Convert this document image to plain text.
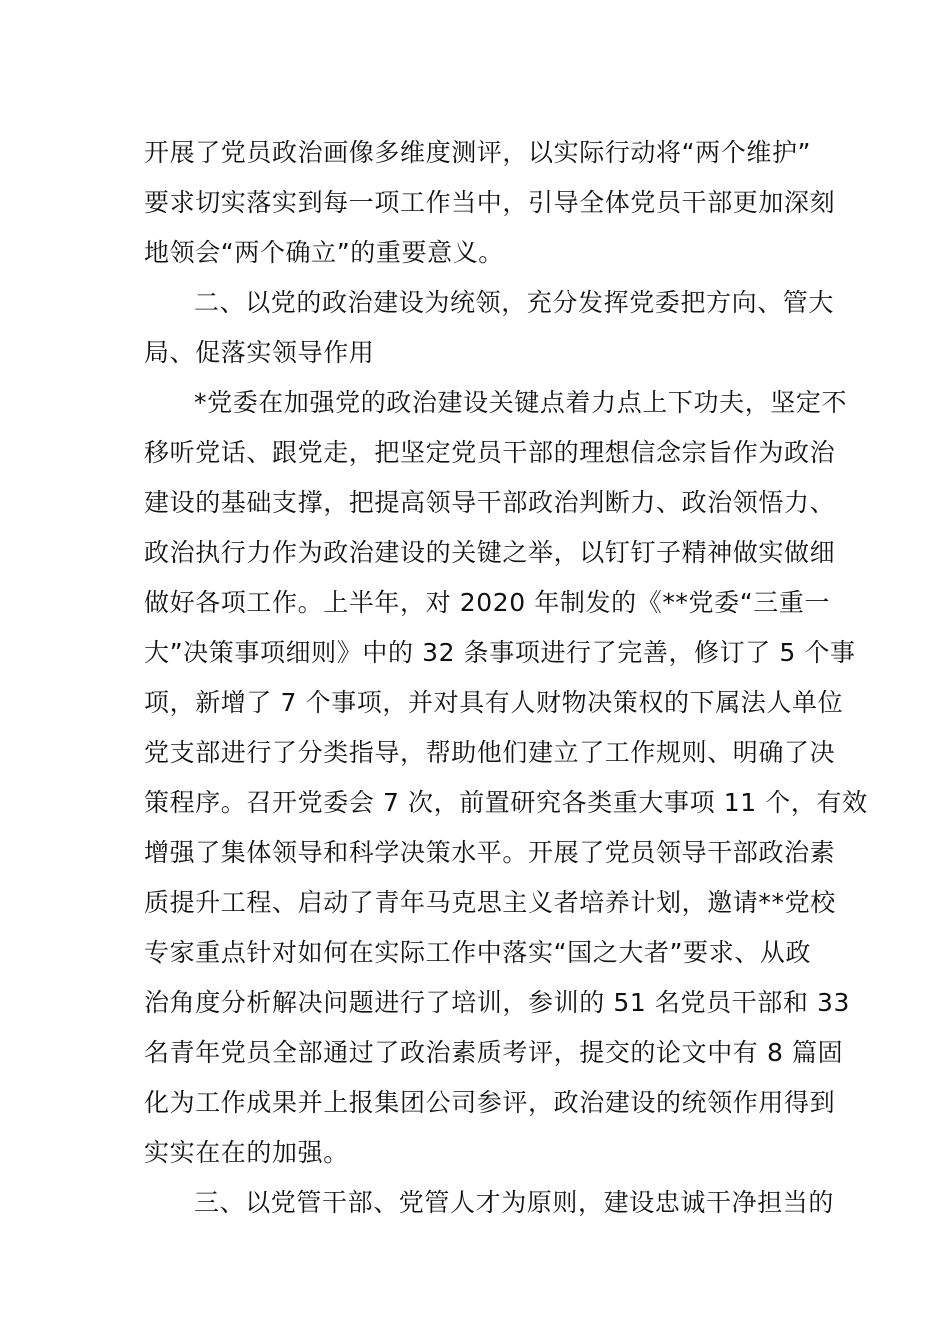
开展了党员政治画像多维度测评，以实际行动将“两个维护”
要求切实落实到每一项工作当中，引导全体党员干部更加深刻
地领会“两个确立”的重要意义。
二、以党的政治建设为统领，充分发挥党委把方向、管大
局、促落实领导作用
*党委在加强党的政治建设关键点着力点上下功夫，坚定不
移听党话、跟党走，把坚定党员干部的理想信念宗旨作为政治
建设的基础支撑，把提高领导干部政治判断力、政治领悟力、
政治执行力作为政治建设的关键之举，以钉钉子精神做实做细
做好各项工作。上半年，对 2020 年制发的《**党委“三重一
大”决策事项细则》中的 32 条事项进行了完善，修订了 5 个事
项，新增了 7 个事项，并对具有人财物决策权的下属法人单位
党支部进行了分类指导，帮助他们建立了工作规则、明确了决
策程序。召开党委会 7 次，前置研究各类重大事项 11 个，有效
增强了集体领导和科学决策水平。开展了党员领导干部政治素
质提升工程、启动了青年马克思主义者培养计划，邀请**党校
专家重点针对如何在实际工作中落实“国之大者”要求、从政
治角度分析解决问题进行了培训，参训的 51 名党员干部和 33
名青年党员全部通过了政治素质考评，提交的论文中有 8 篇固
化为工作成果并上报集团公司参评，政治建设的统领作用得到
实实在在的加强。
三、以党管干部、党管人才为原则，建设忠诚干净担当的
